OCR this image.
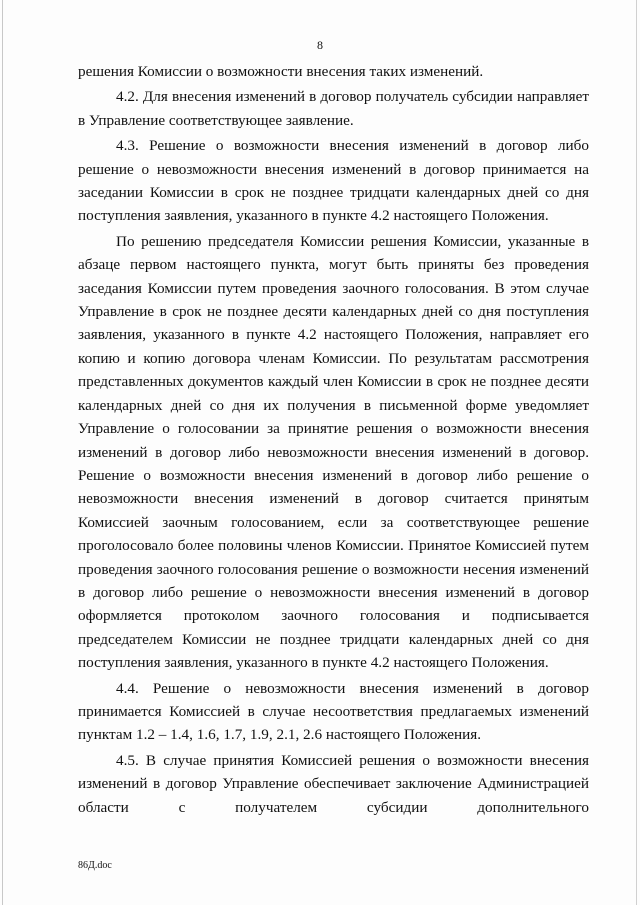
8

решения Комиссии о возможности внесения таких изменений.

4.2. Для внесения изменений в договор получатель субсидии направляет в Управление соответствующее заявление.

4.3. Решение о возможности внесения изменений в договор либо решение о невозможности внесения изменений в договор принимается на заседании Комиссии в срок не позднее тридцати календарных дней со дня поступления заявления, указанного в пункте 4.2 настоящего Положения.

По решению председателя Комиссии решения Комиссии, указанные в абзаце первом настоящего пункта, могут быть приняты без проведения заседания Комиссии путем проведения заочного голосования. В этом случае Управление в срок не позднее десяти календарных дней со дня поступления заявления, указанного в пункте 4.2 настоящего Положения, направляет его копию и копию договора членам Комиссии. По результатам рассмотрения представленных документов каждый член Комиссии в срок не позднее десяти календарных дней со дня их получения в письменной форме уведомляет Управление о голосовании за принятие решения о возможности внесения изменений в договор либо невозможности внесения изменений в договор. Решение о возможности внесения изменений в договор либо решение о невозможности внесения изменений в договор считается принятым Комиссией заочным голосованием, если за соответствующее решение проголосовало более половины членов Комиссии. Принятое Комиссией путем проведения заочного голосования решение о возможности несения изменений в договор либо решение о невозможности внесения изменений в договор оформляется протоколом заочного голосования и подписывается председателем Комиссии не позднее тридцати календарных дней со дня поступления заявления, указанного в пункте 4.2 настоящего Положения.

4.4. Решение о невозможности внесения изменений в договор принимается Комиссией в случае несоответствия предлагаемых изменений пунктам 1.2 – 1.4, 1.6, 1.7, 1.9, 2.1, 2.6 настоящего Положения.

4.5. В случае принятия Комиссией решения о возможности внесения изменений в договор Управление обеспечивает заключение Администрацией области с получателем субсидии дополнительного

86Д.doc
